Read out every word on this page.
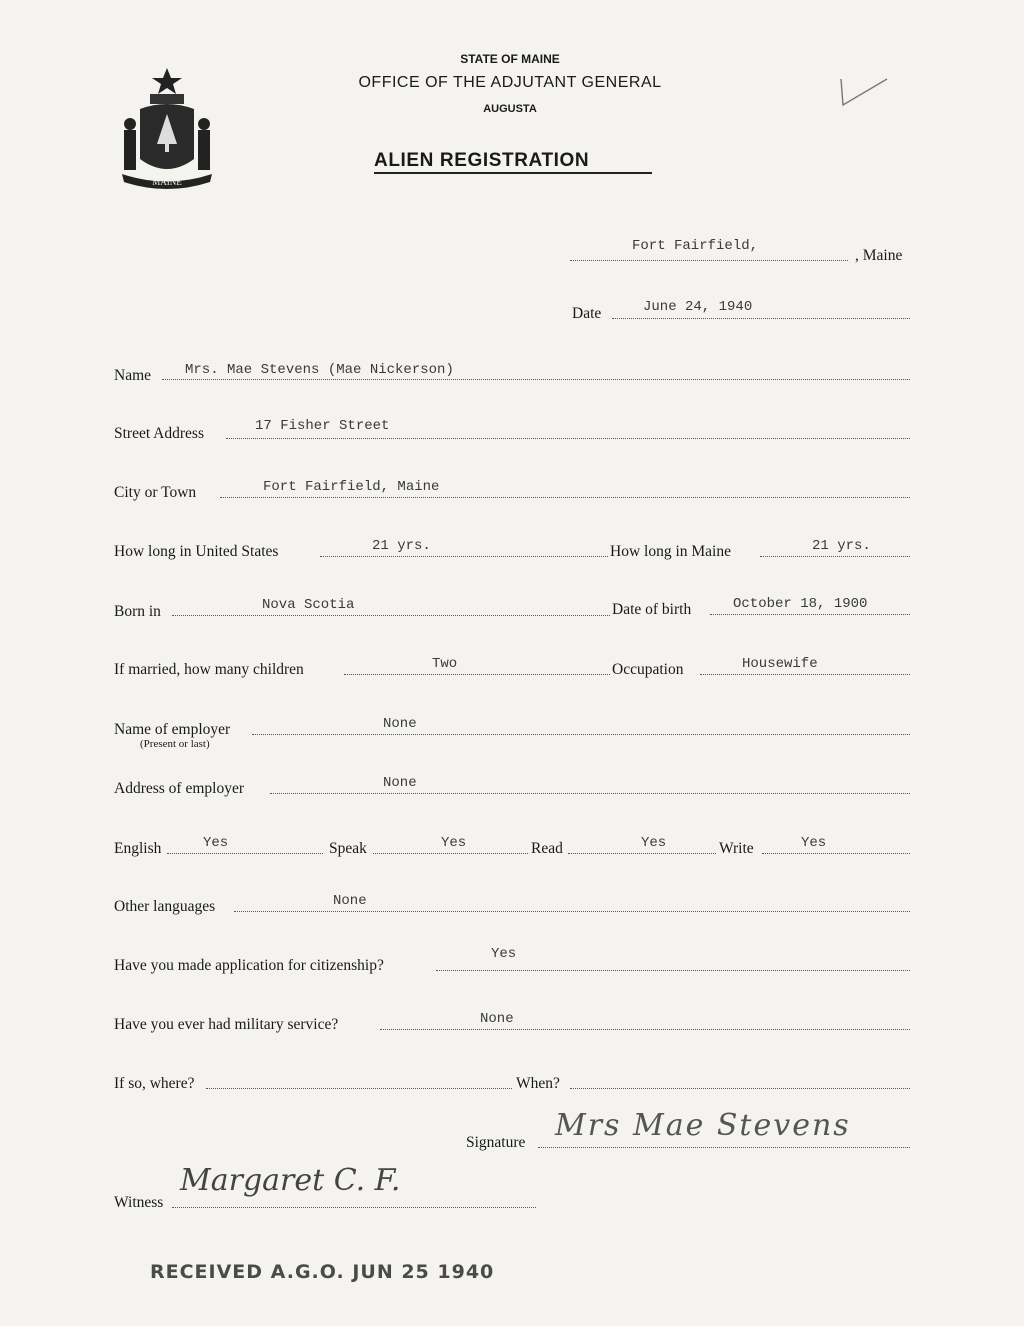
MAINE
STATE OF MAINE
OFFICE OF THE ADJUTANT GENERAL
AUGUSTA
ALIEN REGISTRATION
Fort Fairfield,
, Maine
Date	June 24, 1940
Name Mrs. Mae Stevens (Mae Nickerson)
Street Address	17 Fisher Street
City or Town	Fort Fairfield, Maine
How long in United States	21 yrs.	How long in Maine	21 yrs.
Born in	Nova Scotia	Date of birth	October 18, 1900
If married, how many children	Two	Occupation	Housewife
Name of employer
(Present or last)
None
Address of employer	None
English	Yes	Speak	Yes	Read	Yes	Write	Yes
Other languages	None
Have you made application for citizenship?
Yes
Have you ever had military service?	None
If so, where?	When?
Signature Mrs Mae Stevens
Witness
Margaret C. F.
RECEIVED A.G.O. JUN 25 1940
